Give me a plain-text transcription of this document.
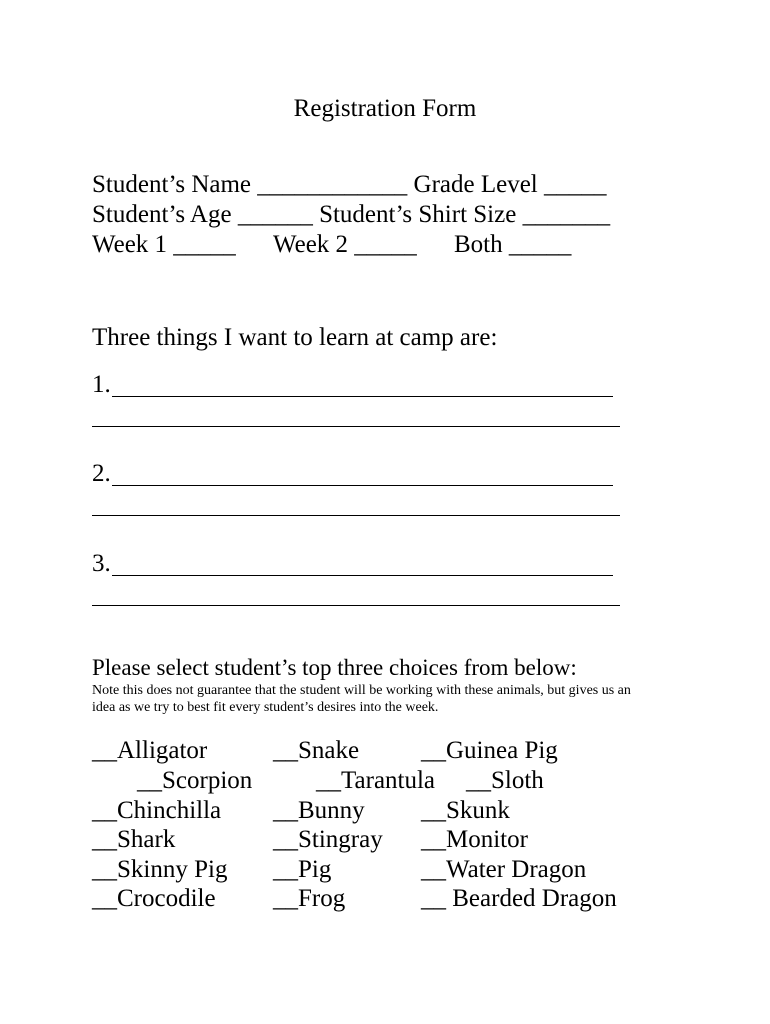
Registration Form
Student’s Name ____________ Grade Level _____
Student’s Age ______ Student’s Shirt Size _______
Week 1 _____ Week 2 _____ Both _____
Three things I want to learn at camp are:
1.
2.
3.
Please select student’s top three choices from below:
Note this does not guarantee that the student will be working with these animals, but gives us an
idea as we try to best fit every student’s desires into the week.
__Alligator	__Snake __Guinea Pig
__Scorpion	__Tarantula __Sloth
__Chinchilla __Bunny __Skunk
__Shark	__Stingray __Monitor
__Skinny Pig __Pig	__Water Dragon
__Crocodile __Frog	__ Bearded Dragon
